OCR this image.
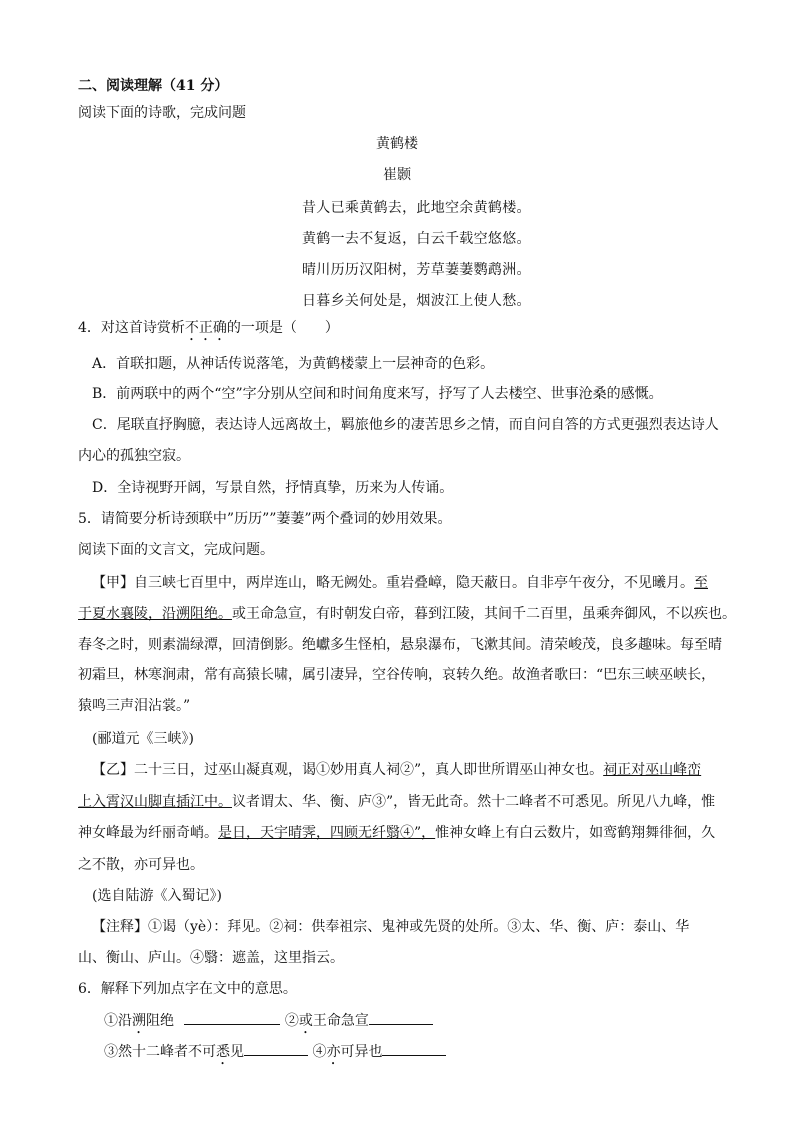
二、阅读理解（41 分）
阅读下面的诗歌，完成问题
黄鹤楼
崔颢
昔人已乘黄鹤去，此地空余黄鹤楼。
黄鹤一去不复返，白云千载空悠悠。
晴川历历汉阳树，芳草萋萋鹦鹉洲。
日暮乡关何处是，烟波江上使人愁。
4．对这首诗赏析不正确的一项是（　　）
A．首联扣题，从神话传说落笔，为黄鹤楼蒙上一层神奇的色彩。
B．前两联中的两个“空”字分别从空间和时间角度来写，抒写了人去楼空、世事沧桑的感慨。
C．尾联直抒胸臆，表达诗人远离故土，羁旅他乡的凄苦思乡之情，而自问自答的方式更强烈表达诗人
内心的孤独空寂。
D．全诗视野开阔，写景自然，抒情真挚，历来为人传诵。
5．请简要分析诗颈联中”历历””萋萋”两个叠词的妙用效果。
阅读下面的文言文，完成问题。
【甲】自三峡七百里中，两岸连山，略无阙处。重岩叠嶂，隐天蔽日。自非亭午夜分，不见曦月。至
于夏水襄陵，沿溯阻绝。或王命急宣，有时朝发白帝，暮到江陵，其间千二百里，虽乘奔御风，不以疾也。
春冬之时，则素湍绿潭，回清倒影。绝巘多生怪柏，悬泉瀑布，飞漱其间。清荣峻茂，良多趣味。每至晴
初霜旦，林寒涧肃，常有高猿长啸，属引凄异，空谷传响，哀转久绝。故渔者歌曰：“巴东三峡巫峡长，
猿鸣三声泪沾裳。”
(郦道元《三峡》)
【乙】二十三日，过巫山凝真观，谒①妙用真人祠②”，真人即世所谓巫山神女也。祠正对巫山峰峦
上入霄汉山脚直插江中。议者谓太、华、衡、庐③”，皆无此奇。然十二峰者不可悉见。所见八九峰，惟
神女峰最为纤丽奇峭。是日，天宇晴霁，四顾无纤翳④”，惟神女峰上有白云数片，如鸾鹤翔舞徘徊，久
之不散，亦可异也。
(选自陆游《入蜀记》)
【注释】①谒（yè）：拜见。②祠：供奉祖宗、鬼神或先贤的处所。③太、华、衡、庐：泰山、华
山、衡山、庐山。④翳：遮盖，这里指云。
6．解释下列加点字在文中的意思。
①沿溯阻绝	②或王命急宣
③然十二峰者不可悉见	④亦可异也
